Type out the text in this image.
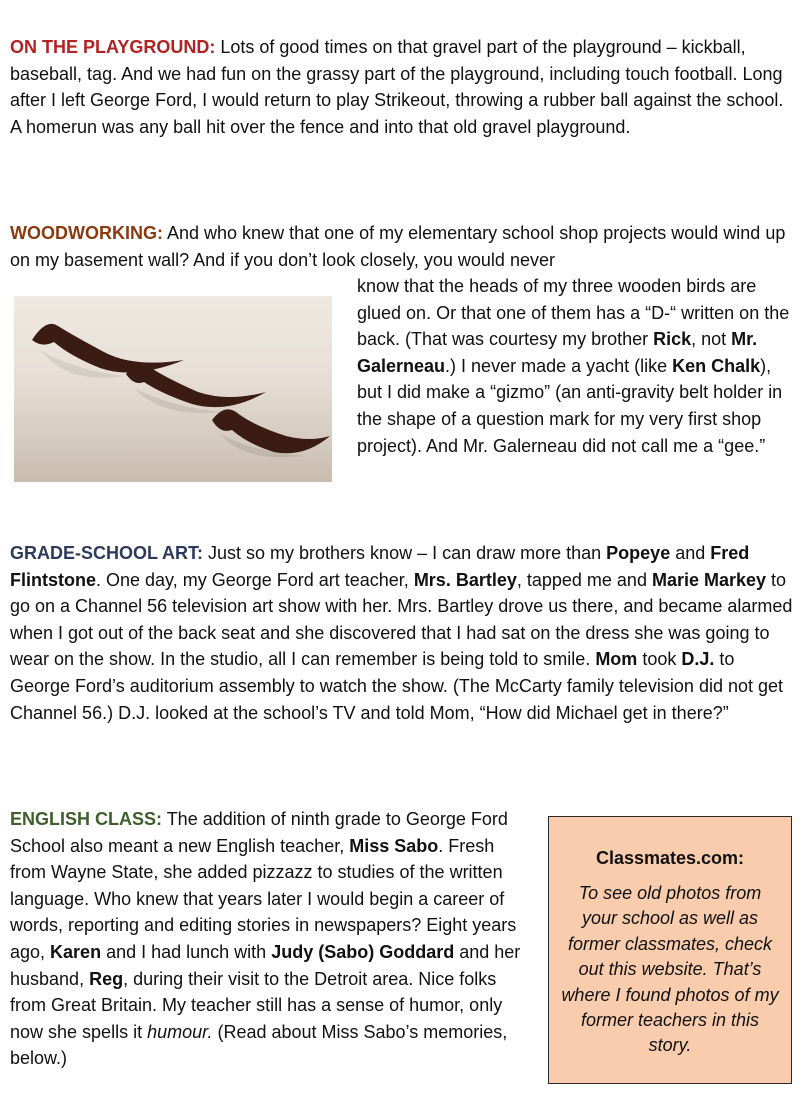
ON THE PLAYGROUND: Lots of good times on that gravel part of the playground – kickball, baseball, tag. And we had fun on the grassy part of the playground, including touch football. Long after I left George Ford, I would return to play Strikeout, throwing a rubber ball against the school. A homerun was any ball hit over the fence and into that old gravel playground.

WOODWORKING: And who knew that one of my elementary school shop projects would wind up on my basement wall? And if you don’t look closely, you would never

know that the heads of my three wooden birds are glued on. Or that one of them has a “D-“ written on the back. (That was courtesy my brother Rick, not Mr. Galerneau.) I never made a yacht (like Ken Chalk), but I did make a “gizmo” (an anti-gravity belt holder in the shape of a question mark for my very first shop project). And Mr. Galerneau did not call me a “gee.”

GRADE-SCHOOL ART: Just so my brothers know – I can draw more than Popeye and Fred Flintstone. One day, my George Ford art teacher, Mrs. Bartley, tapped me and Marie Markey to go on a Channel 56 television art show with her. Mrs. Bartley drove us there, and became alarmed when I got out of the back seat and she discovered that I had sat on the dress she was going to wear on the show. In the studio, all I can remember is being told to smile. Mom took D.J. to George Ford’s auditorium assembly to watch the show. (The McCarty family television did not get Channel 56.) D.J. looked at the school’s TV and told Mom, “How did Michael get in there?”

ENGLISH CLASS: The addition of ninth grade to George Ford School also meant a new English teacher, Miss Sabo. Fresh from Wayne State, she added pizzazz to studies of the written language. Who knew that years later I would begin a career of words, reporting and editing stories in newspapers? Eight years ago, Karen and I had lunch with Judy (Sabo) Goddard and her husband, Reg, during their visit to the Detroit area. Nice folks from Great Britain. My teacher still has a sense of humor, only now she spells it humour. (Read about Miss Sabo’s memories, below.)

Classmates.com:
To see old photos from your school as well as former classmates, check out this website. That’s where I found photos of my former teachers in this story.
